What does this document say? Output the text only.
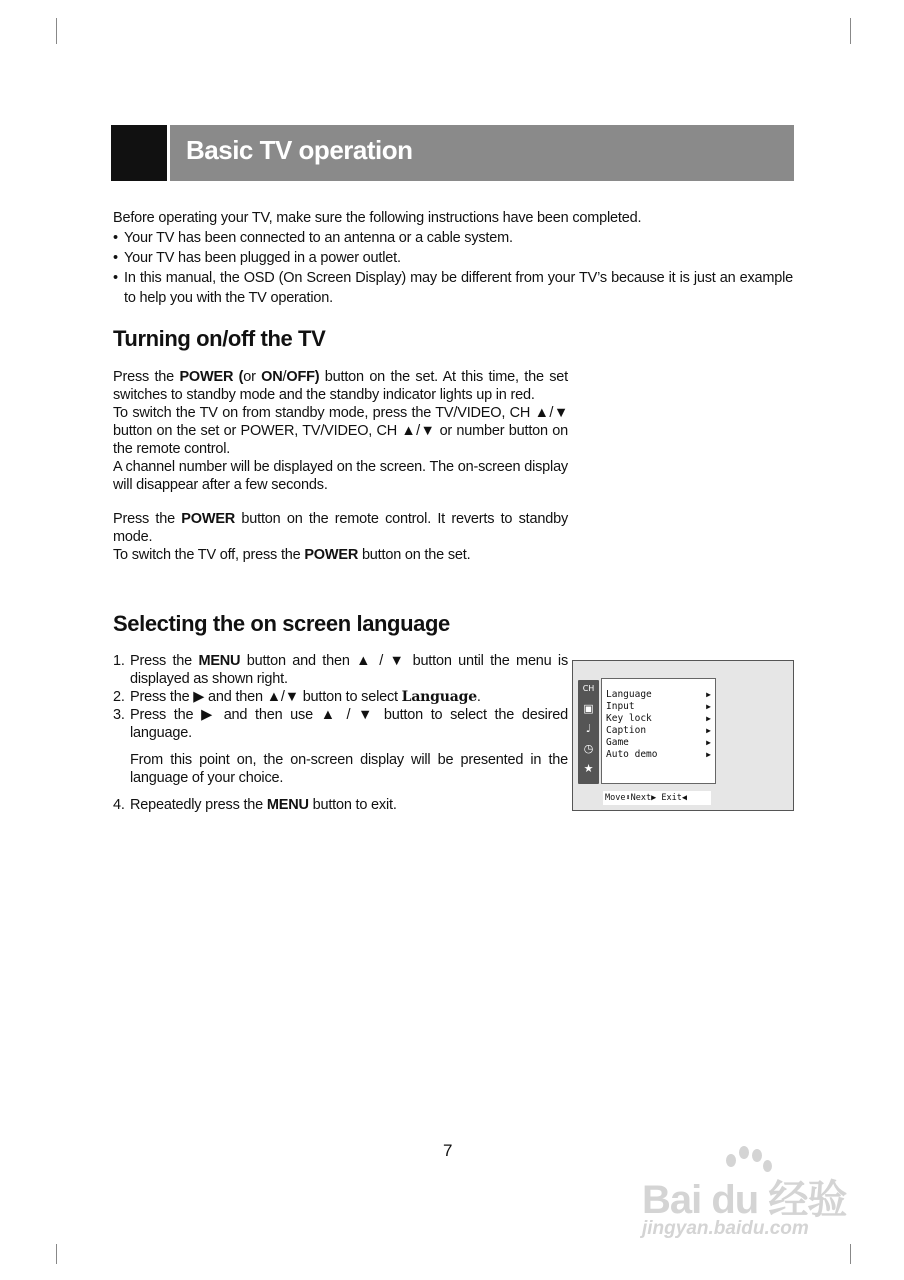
Basic TV operation
Before operating your TV, make sure the following instructions have been completed.
• Your TV has been connected to an antenna or a cable system.
• Your TV has been plugged in a power outlet.
• In this manual, the OSD (On Screen Display) may be different from your TV’s because it is just an example to help you with the TV operation.
Turning on/off the TV
Press the POWER (or ON/OFF) button on the set. At this time, the set switches to standby mode and the standby indicator lights up in red.
To switch the TV on from standby mode, press the TV/VIDEO, CH ▲/▼ button on the set or POWER, TV/VIDEO, CH ▲/▼ or number button on the remote control.
A channel number will be displayed on the screen. The on-screen display will disappear after a few seconds.
Press the POWER button on the remote control. It reverts to standby mode.
To switch the TV off, press the POWER button on the set.
Selecting the on screen language
1. Press the MENU button and then ▲ / ▼ button until the menu is displayed as shown right.
2. Press the ▶ and then ▲/▼ button to select Language.
3. Press the ▶ and then use ▲ / ▼ button to select the desired language.
From this point on, the on-screen display will be presented in the language of your choice.
4. Repeatedly press the MENU button to exit.
CH
▣
♩
◷
★
Language	▶
Input	▶
Key lock	▶
Caption	▶
Game	▶
Auto demo	▶
Move⬍Next▶ Exit◀
7
Bai du 经验
jingyan.baidu.com
